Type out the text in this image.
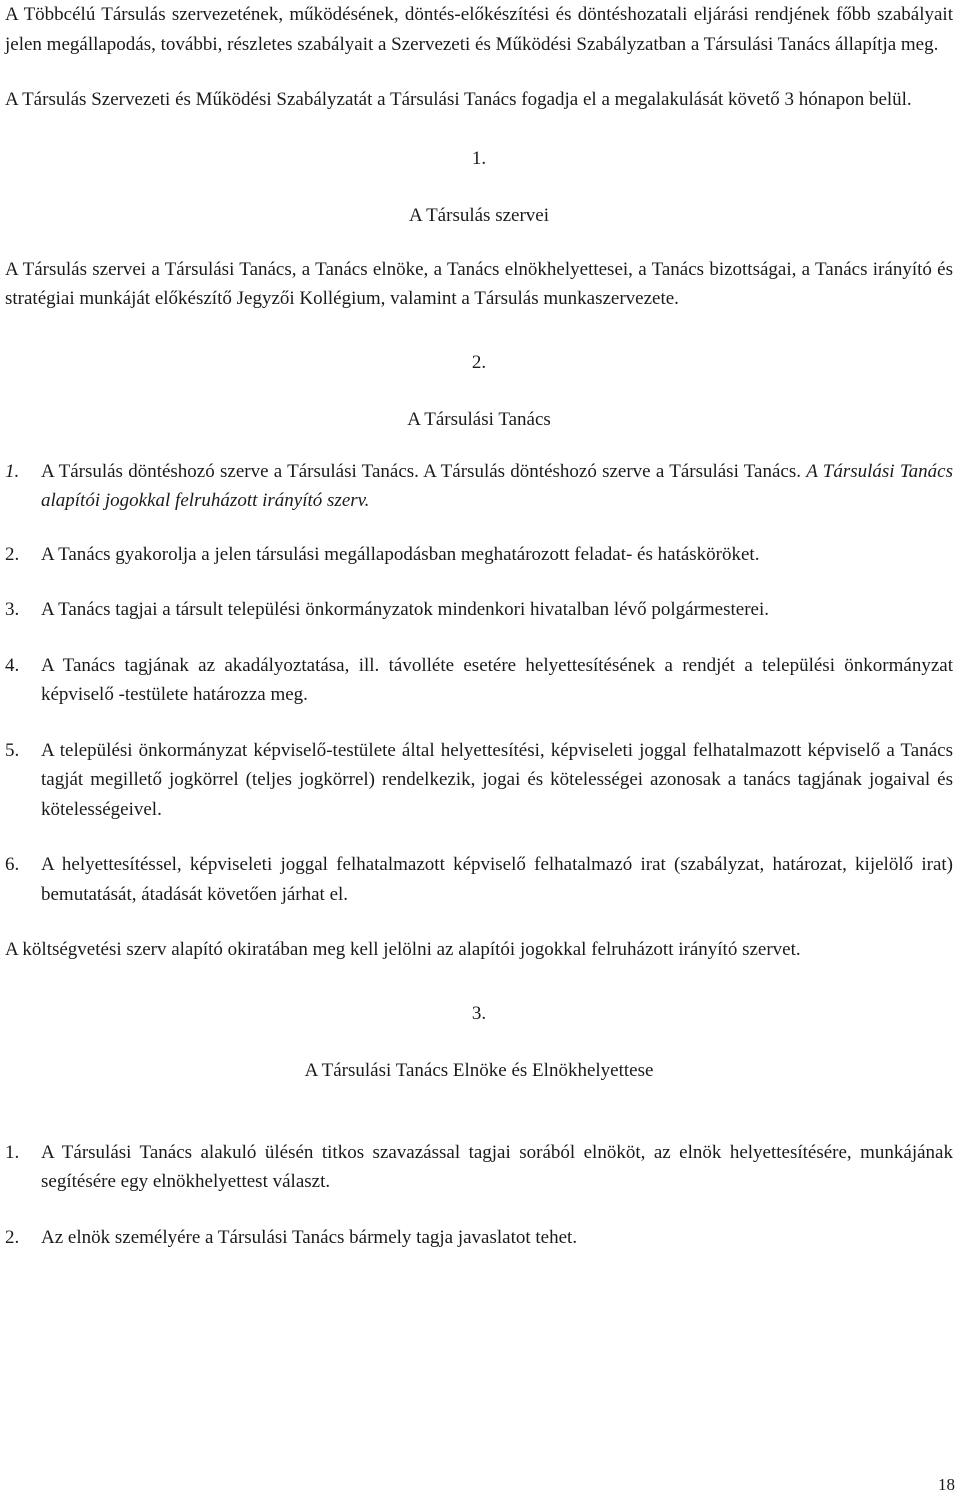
A Többcélú Társulás szervezetének, működésének, döntés-előkészítési és döntéshozatali eljárási rendjének főbb szabályait jelen megállapodás, további, részletes szabályait a Szervezeti és Működési Szabályzatban a Társulási Tanács állapítja meg.

A Társulás Szervezeti és Működési Szabályzatát a Társulási Tanács fogadja el a megalakulását követő 3 hónapon belül.

1.

A Társulás szervei

A Társulás szervei a Társulási Tanács, a Tanács elnöke, a Tanács elnökhelyettesei, a Tanács bizottságai, a Tanács irányító és stratégiai munkáját előkészítő Jegyzői Kollégium, valamint a Társulás munkaszervezete.

2.

A Társulási Tanács

1. A Társulás döntéshozó szerve a Társulási Tanács. A Társulás döntéshozó szerve a Társulási Tanács. A Társulási Tanács alapítói jogokkal felruházott irányító szerv.
2. A Tanács gyakorolja a jelen társulási megállapodásban meghatározott feladat- és hatásköröket.
3. A Tanács tagjai a társult települési önkormányzatok mindenkori hivatalban lévő polgármesterei.
4. A Tanács tagjának az akadályoztatása, ill. távolléte esetére helyettesítésének a rendjét a települési önkormányzat képviselő -testülete határozza meg.
5. A települési önkormányzat képviselő-testülete által helyettesítési, képviseleti joggal felhatalmazott képviselő a Tanács tagját megillető jogkörrel (teljes jogkörrel) rendelkezik, jogai és kötelességei azonosak a tanács tagjának jogaival és kötelességeivel.
6. A helyettesítéssel, képviseleti joggal felhatalmazott képviselő felhatalmazó irat (szabályzat, határozat, kijelölő irat) bemutatását, átadását követően járhat el.

A költségvetési szerv alapító okiratában meg kell jelölni az alapítói jogokkal felruházott irányító szervet.

3.

A Társulási Tanács Elnöke és Elnökhelyettese

1. A Társulási Tanács alakuló ülésén titkos szavazással tagjai sorából elnököt, az elnök helyettesítésére, munkájának segítésére egy elnökhelyettest választ.
2. Az elnök személyére a Társulási Tanács bármely tagja javaslatot tehet.
18
